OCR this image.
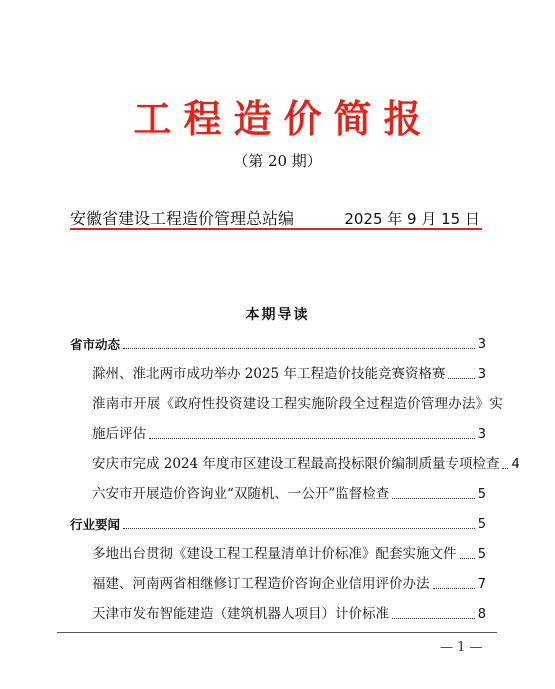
工程造价简报
（第 20 期）
安徽省建设工程造价管理总站编	2025 年 9 月 15 日
本期导读
省市动态	3
滁州、淮北两市成功举办 2025 年工程造价技能竞赛资格赛 3
淮南市开展《政府性投资建设工程实施阶段全过程造价管理办法》实
施后评估	3
安庆市完成 2024 年度市区建设工程最高投标限价编制质量专项检查 4
六安市开展造价咨询业“双随机、一公开”监督检查	5
行业要闻	5
多地出台贯彻《建设工程工程量清单计价标准》配套实施文件 5
福建、河南两省相继修订工程造价咨询企业信用评价办法	7
天津市发布智能建造（建筑机器人项目）计价标准	8
— 1 —
